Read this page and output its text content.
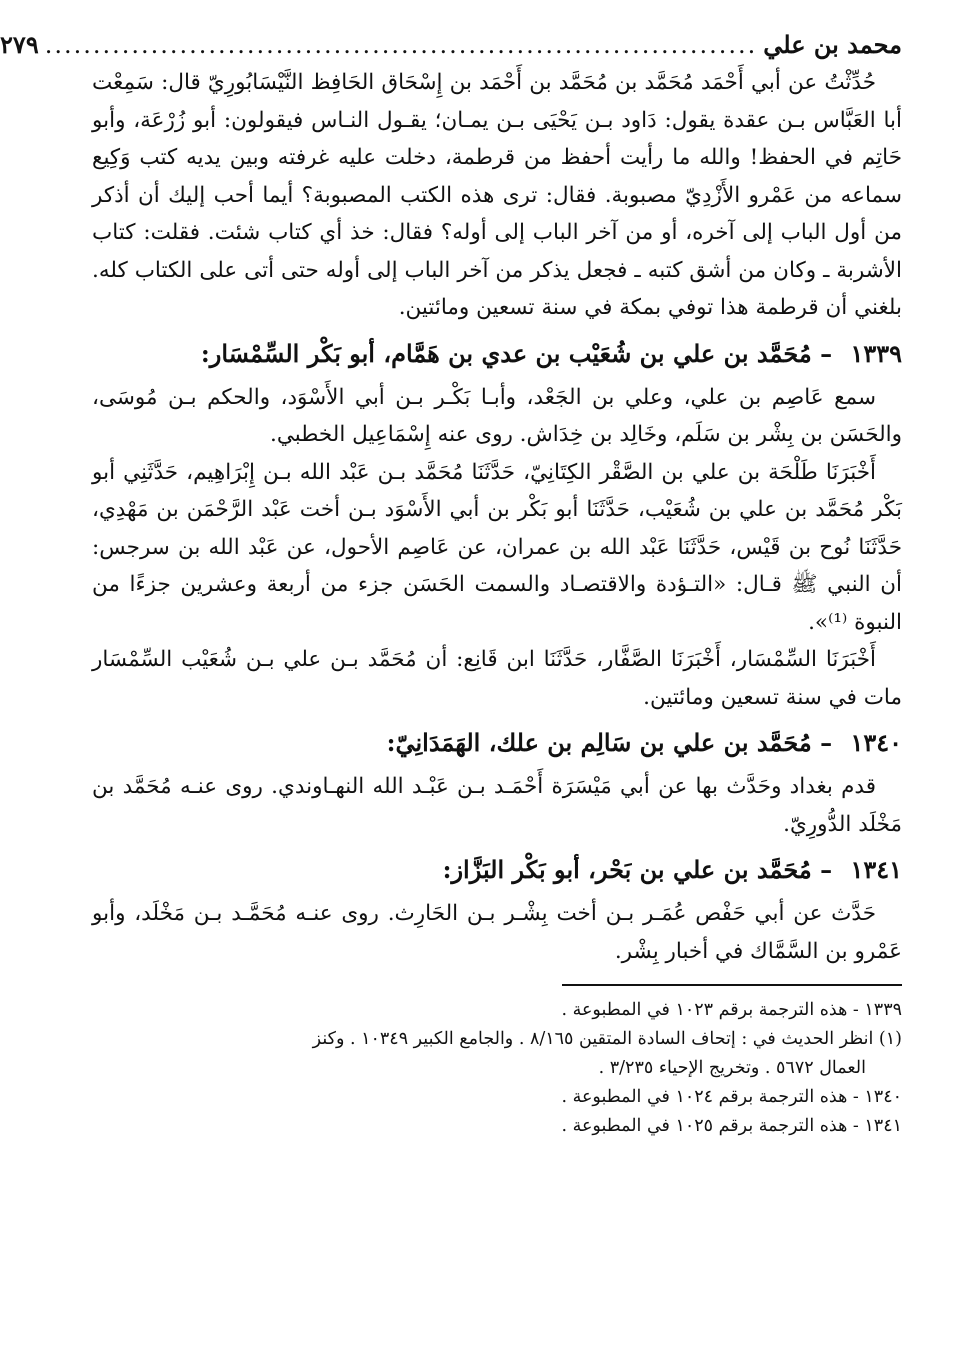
محمد بن علي
..........................................................................
٢٧٩

حُدِّثْتُ عن أبي أَحْمَد مُحَمَّد بن مُحَمَّد بن أَحْمَد بن إِسْحَاق الحَافِظ النَّيْسَابُورِيّ قال: سَمِعْت أبا العَبَّاس بـن عقدة يقول: دَاود بـن يَحْيَى بـن يمـان؛ يقـول النـاس فيقولون: أبو زُرْعَة، وأبو حَاتِم في الحفظ! والله ما رأيت أحفظ من قرطمة، دخلت عليه غرفته وبين يديه كتب وَكِيع سماعه من عَمْرو الأَزْدِيّ مصبوبة. فقال: ترى هذه الكتب المصبوبة؟ أيما أحب إليك أن أذكر من أول الباب إلى آخره، أو من آخر الباب إلى أوله؟ فقال: خذ أي كتاب شئت. فقلت: كتاب الأشربة ـ وكان من أشق كتبه ـ فجعل يذكر من آخر الباب إلى أوله حتى أتى على الكتاب كله. بلغني أن قرطمة هذا توفي بمكة في سنة تسعين ومائتين.

١٣٣٩ – مُحَمَّد بن علي بن شُعَيْب بن عدي بن هَمَّام، أبو بَكْر السِّمْسَار:

سمع عَاصِم بن علي، وعلي بن الجَعْد، وأبـا بَكْـر بـن أبي الأَسْوَد، والحكم بـن مُوسَى، والحَسَن بن بِشْر بن سَلَم، وخَالِد بن خِدَاش. روى عنه إِسْمَاعِيل الخطبي.

أَخْبَرَنَا طَلْحَة بن علي بن الصَّقْر الكِتَانِيّ، حَدَّثَنَا مُحَمَّد بـن عَبْد الله بـن إِبْرَاهِيم، حَدَّثَنِي أبو بَكْر مُحَمَّد بن علي بن شُعَيْب، حَدَّثَنَا أبو بَكْر بن أبي الأَسْوَد بـن أخت عَبْد الرَّحْمَن بن مَهْدِي، حَدَّثَنَا نُوح بن قَيْس، حَدَّثَنَا عَبْد الله بن عمران، عن عَاصِم الأحول، عن عَبْد الله بن سرجس: أن النبي ﷺ قـال: «التـؤدة والاقتصـاد والسمت الحَسَن جزء من أربعة وعشرين جزءًا من النبوة ⁽¹⁾».

أَخْبَرَنَا السِّمْسَار، أَخْبَرَنَا الصَّفَّار، حَدَّثَنَا ابن قَانِع: أن مُحَمَّد بـن علي بـن شُعَيْب السِّمْسَار مات في سنة تسعين ومائتين.

١٣٤٠ – مُحَمَّد بن علي بن سَالِم بن علك، الهَمَدَانِيّ:

قدم بغداد وحَدَّث بها عن أبي مَيْسَرَة أَحْمَـد بـن عَبْـد الله النهـاوندي. روى عنـه مُحَمَّد بن مَخْلَد الدُّورِيّ.

١٣٤١ – مُحَمَّد بن علي بن بَحْر، أبو بَكْر البَزَّاز:

حَدَّث عن أبي حَفْص عُمَـر بـن أخت بِشْـر بـن الحَارِث. روى عنـه مُحَمَّـد بـن مَخْلَد، وأبو عَمْرو بن السَّمَّاك في أخبار بِشْر.

١٣٣٩ - هذه الترجمة برقم ١٠٢٣ في المطبوعة .

(١) انظر الحديث في : إتحاف السادة المتقين ٨/١٦٥ . والجامع الكبير ١٠٣٤٩ . وكنز

العمال ٥٦٧٢ . وتخريج الإحياء ٣/٢٣٥ .

١٣٤٠ - هذه الترجمة برقم ١٠٢٤ في المطبوعة .

١٣٤١ - هذه الترجمة برقم ١٠٢٥ في المطبوعة .
